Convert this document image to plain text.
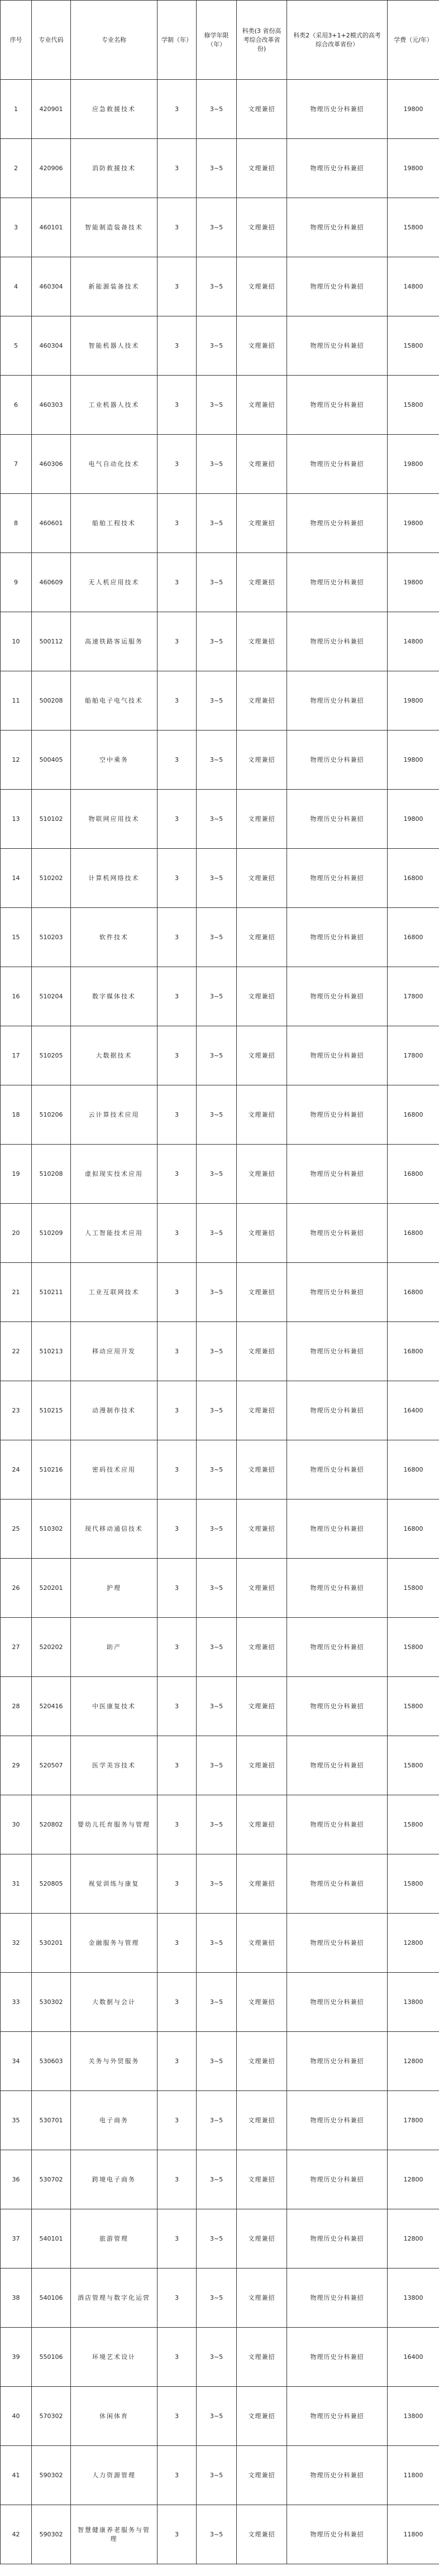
序号	专业代码	专业名称	学制（年）	修学年限（年）	科类(3 省份高考综合改革省份)	科类2（采用3+1+2模式的高考综合改革省份）	学费（元/年）
1	420901	应急救援技术	3	3~5	文理兼招	物理历史分科兼招	19800
2	420906	消防救援技术	3	3~5	文理兼招	物理历史分科兼招	19800
3	460101	智能制造装备技术	3	3~5	文理兼招	物理历史分科兼招	15800
4	460304	新能源装备技术	3	3~5	文理兼招	物理历史分科兼招	14800
5	460304	智能机器人技术	3	3~5	文理兼招	物理历史分科兼招	15800
6	460303	工业机器人技术	3	3~5	文理兼招	物理历史分科兼招	15800
7	460306	电气自动化技术	3	3~5	文理兼招	物理历史分科兼招	19800
8	460601	船舶工程技术	3	3~5	文理兼招	物理历史分科兼招	19800
9	460609	无人机应用技术	3	3~5	文理兼招	物理历史分科兼招	19800
10	500112	高速铁路客运服务	3	3~5	文理兼招	物理历史分科兼招	14800
11	500208	船舶电子电气技术	3	3~5	文理兼招	物理历史分科兼招	19800
12	500405	空中乘务	3	3~5	文理兼招	物理历史分科兼招	19800
13	510102	物联网应用技术	3	3~5	文理兼招	物理历史分科兼招	19800
14	510202	计算机网络技术	3	3~5	文理兼招	物理历史分科兼招	16800
15	510203	软件技术	3	3~5	文理兼招	物理历史分科兼招	16800
16	510204	数字媒体技术	3	3~5	文理兼招	物理历史分科兼招	17800
17	510205	大数据技术	3	3~5	文理兼招	物理历史分科兼招	17800
18	510206	云计算技术应用	3	3~5	文理兼招	物理历史分科兼招	16800
19	510208	虚拟现实技术应用	3	3~5	文理兼招	物理历史分科兼招	16800
20	510209	人工智能技术应用	3	3~5	文理兼招	物理历史分科兼招	16800
21	510211	工业互联网技术	3	3~5	文理兼招	物理历史分科兼招	16800
22	510213	移动应用开发	3	3~5	文理兼招	物理历史分科兼招	16800
23	510215	动漫制作技术	3	3~5	文理兼招	物理历史分科兼招	16400
24	510216	密码技术应用	3	3~5	文理兼招	物理历史分科兼招	16800
25	510302	现代移动通信技术	3	3~5	文理兼招	物理历史分科兼招	16800
26	520201	护理	3	3~5	文理兼招	物理历史分科兼招	15800
27	520202	助产	3	3~5	文理兼招	物理历史分科兼招	15800
28	520416	中医康复技术	3	3~5	文理兼招	物理历史分科兼招	15800
29	520507	医学美容技术	3	3~5	文理兼招	物理历史分科兼招	15800
30	520802	婴幼儿托育服务与管理	3	3~5	文理兼招	物理历史分科兼招	15800
31	520805	视觉训练与康复	3	3~5	文理兼招	物理历史分科兼招	15800
32	530201	金融服务与管理	3	3~5	文理兼招	物理历史分科兼招	12800
33	530302	大数据与会计	3	3~5	文理兼招	物理历史分科兼招	13800
34	530603	关务与外贸服务	3	3~5	文理兼招	物理历史分科兼招	12800
35	530701	电子商务	3	3~5	文理兼招	物理历史分科兼招	17800
36	530702	跨境电子商务	3	3~5	文理兼招	物理历史分科兼招	12800
37	540101	旅游管理	3	3~5	文理兼招	物理历史分科兼招	12800
38	540106	酒店管理与数字化运营	3	3~5	文理兼招	物理历史分科兼招	13800
39	550106	环境艺术设计	3	3~5	文理兼招	物理历史分科兼招	16400
40	570302	休闲体育	3	3~5	文理兼招	物理历史分科兼招	13800
41	590302	人力资源管理	3	3~5	文理兼招	物理历史分科兼招	11800
42	590302	智慧健康养老服务与管理	3	3~5	文理兼招	物理历史分科兼招	11800
